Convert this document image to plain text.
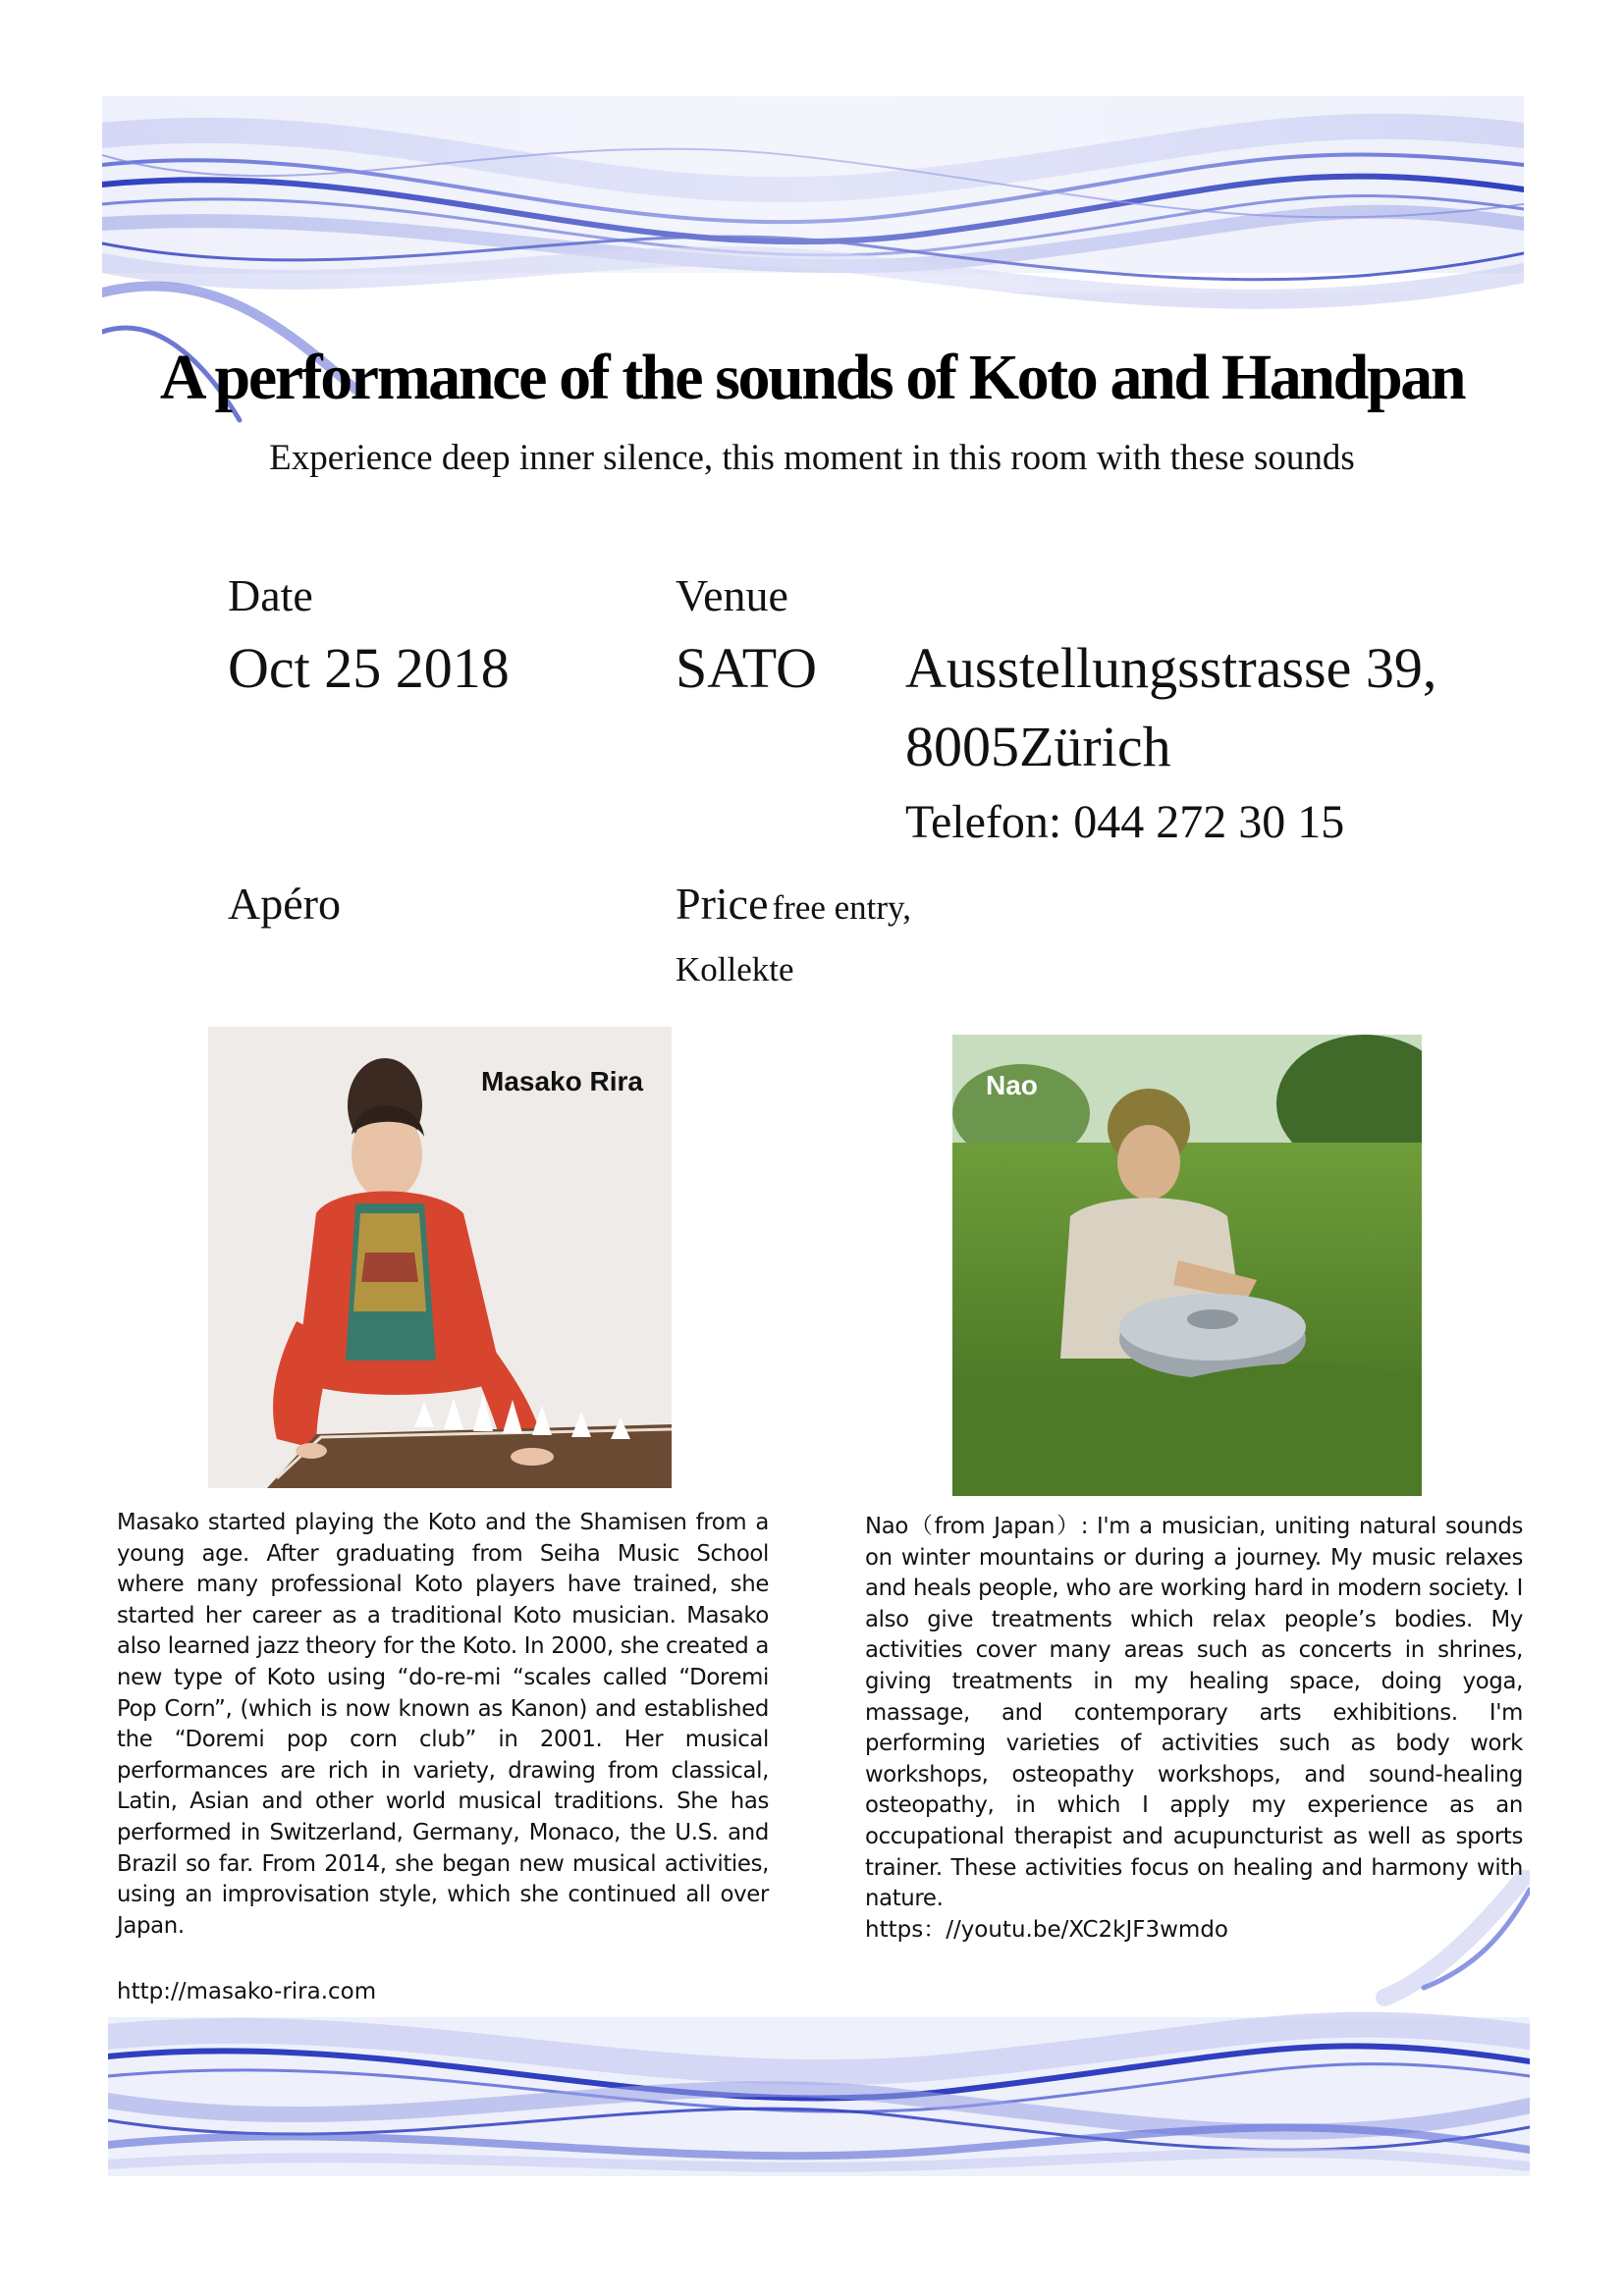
A performance of the sounds of Koto and Handpan
Experience deep inner silence, this moment in this room with these sounds
Date
Oct 25 2018
Venue
SATO Ausstellungsstrasse 39,
8005Zürich
Telefon: 044 272 30 15
Apéro	Price free entry,
Kollekte
Masako Rira	Nao
Masako started playing the Koto and the Shamisen from a young age. After graduating from Seiha Music School where many professional Koto players have trained, she started her career as a traditional Koto musician. Masako also learned jazz theory for the Koto. In 2000, she created a new type of Koto using “do-re-mi “scales called “Doremi Pop Corn”, (which is now known as Kanon) and established the “Doremi pop corn club” in 2001. Her musical performances are rich in variety, drawing from classical, Latin, Asian and other world musical traditions. She has performed in Switzerland, Germany, Monaco, the U.S. and Brazil so far. From 2014, she began new musical activities, using an improvisation style, which she continued all over Japan.
http://masako-rira.com
Nao（from Japan）: I'm a musician, uniting natural sounds on winter mountains or during a journey. My music relaxes and heals people, who are working hard in modern society. I also give treatments which relax people’s bodies. My activities cover many areas such as concerts in shrines, giving treatments in my healing space, doing yoga, massage, and contemporary arts exhibitions. I'm performing varieties of activities such as body work workshops, osteopathy workshops, and sound-healing osteopathy, in which I apply my experience as an occupational therapist and acupuncturist as well as sports trainer. These activities focus on healing and harmony with nature.
https：//youtu.be/XC2kJF3wmdo
